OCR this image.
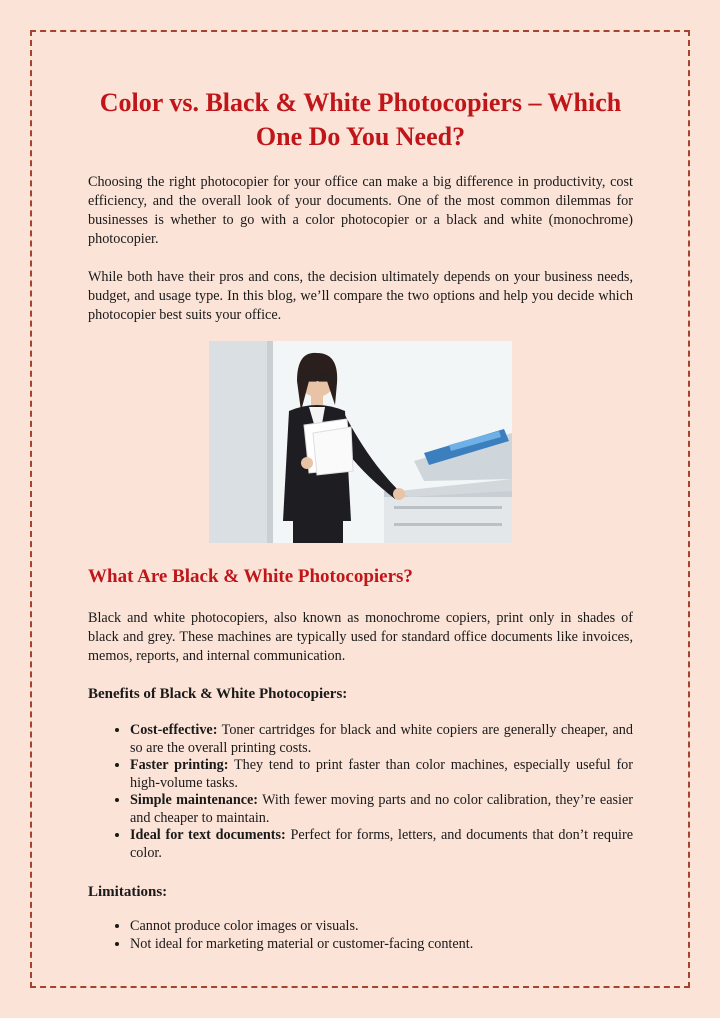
Color vs. Black & White Photocopiers – Which One Do You Need?

Choosing the right photocopier for your office can make a big difference in productivity, cost efficiency, and the overall look of your documents. One of the most common dilemmas for businesses is whether to go with a color photocopier or a black and white (monochrome) photocopier.

While both have their pros and cons, the decision ultimately depends on your business needs, budget, and usage type. In this blog, we’ll compare the two options and help you decide which photocopier best suits your office.

What Are Black & White Photocopiers?

Black and white photocopiers, also known as monochrome copiers, print only in shades of black and grey. These machines are typically used for standard office documents like invoices, memos, reports, and internal communication.

Benefits of Black & White Photocopiers:
• Cost-effective: Toner cartridges for black and white copiers are generally cheaper, and so are the overall printing costs.
• Faster printing: They tend to print faster than color machines, especially useful for high-volume tasks.
• Simple maintenance: With fewer moving parts and no color calibration, they’re easier and cheaper to maintain.
• Ideal for text documents: Perfect for forms, letters, and documents that don’t require color.
Limitations:
• Cannot produce color images or visuals.
• Not ideal for marketing material or customer-facing content.
